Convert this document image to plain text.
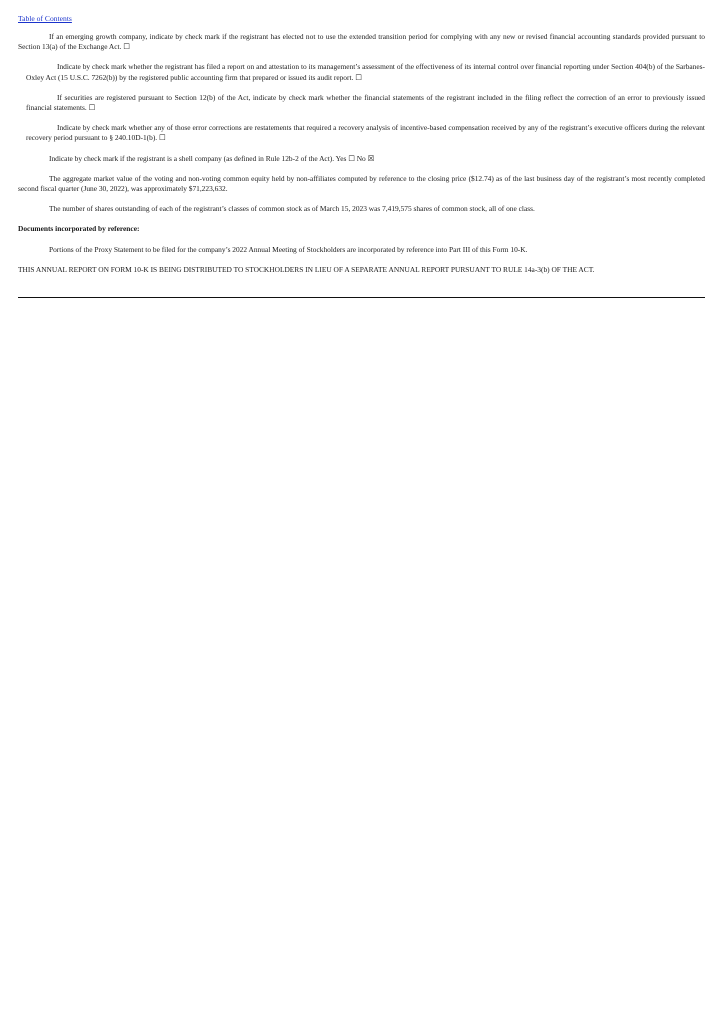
Table of Contents

If an emerging growth company, indicate by check mark if the registrant has elected not to use the extended transition period for complying with any new or revised financial accounting standards provided pursuant to Section 13(a) of the Exchange Act. ☐

Indicate by check mark whether the registrant has filed a report on and attestation to its management’s assessment of the effectiveness of its internal control over financial reporting under Section 404(b) of the Sarbanes-Oxley Act (15 U.S.C. 7262(b)) by the registered public accounting firm that prepared or issued its audit report. ☐

If securities are registered pursuant to Section 12(b) of the Act, indicate by check mark whether the financial statements of the registrant included in the filing reflect the correction of an error to previously issued financial statements. ☐

Indicate by check mark whether any of those error corrections are restatements that required a recovery analysis of incentive-based compensation received by any of the registrant’s executive officers during the relevant recovery period pursuant to § 240.10D-1(b). ☐

Indicate by check mark if the registrant is a shell company (as defined in Rule 12b-2 of the Act). Yes ☐ No ☒

The aggregate market value of the voting and non-voting common equity held by non-affiliates computed by reference to the closing price ($12.74) as of the last business day of the registrant’s most recently completed second fiscal quarter (June 30, 2022), was approximately $71,223,632.

The number of shares outstanding of each of the registrant’s classes of common stock as of March 15, 2023 was 7,419,575 shares of common stock, all of one class.

Documents incorporated by reference:

Portions of the Proxy Statement to be filed for the company’s 2022 Annual Meeting of Stockholders are incorporated by reference into Part III of this Form 10-K.

THIS ANNUAL REPORT ON FORM 10-K IS BEING DISTRIBUTED TO STOCKHOLDERS IN LIEU OF A SEPARATE ANNUAL REPORT PURSUANT TO RULE 14a-3(b) OF THE ACT.
